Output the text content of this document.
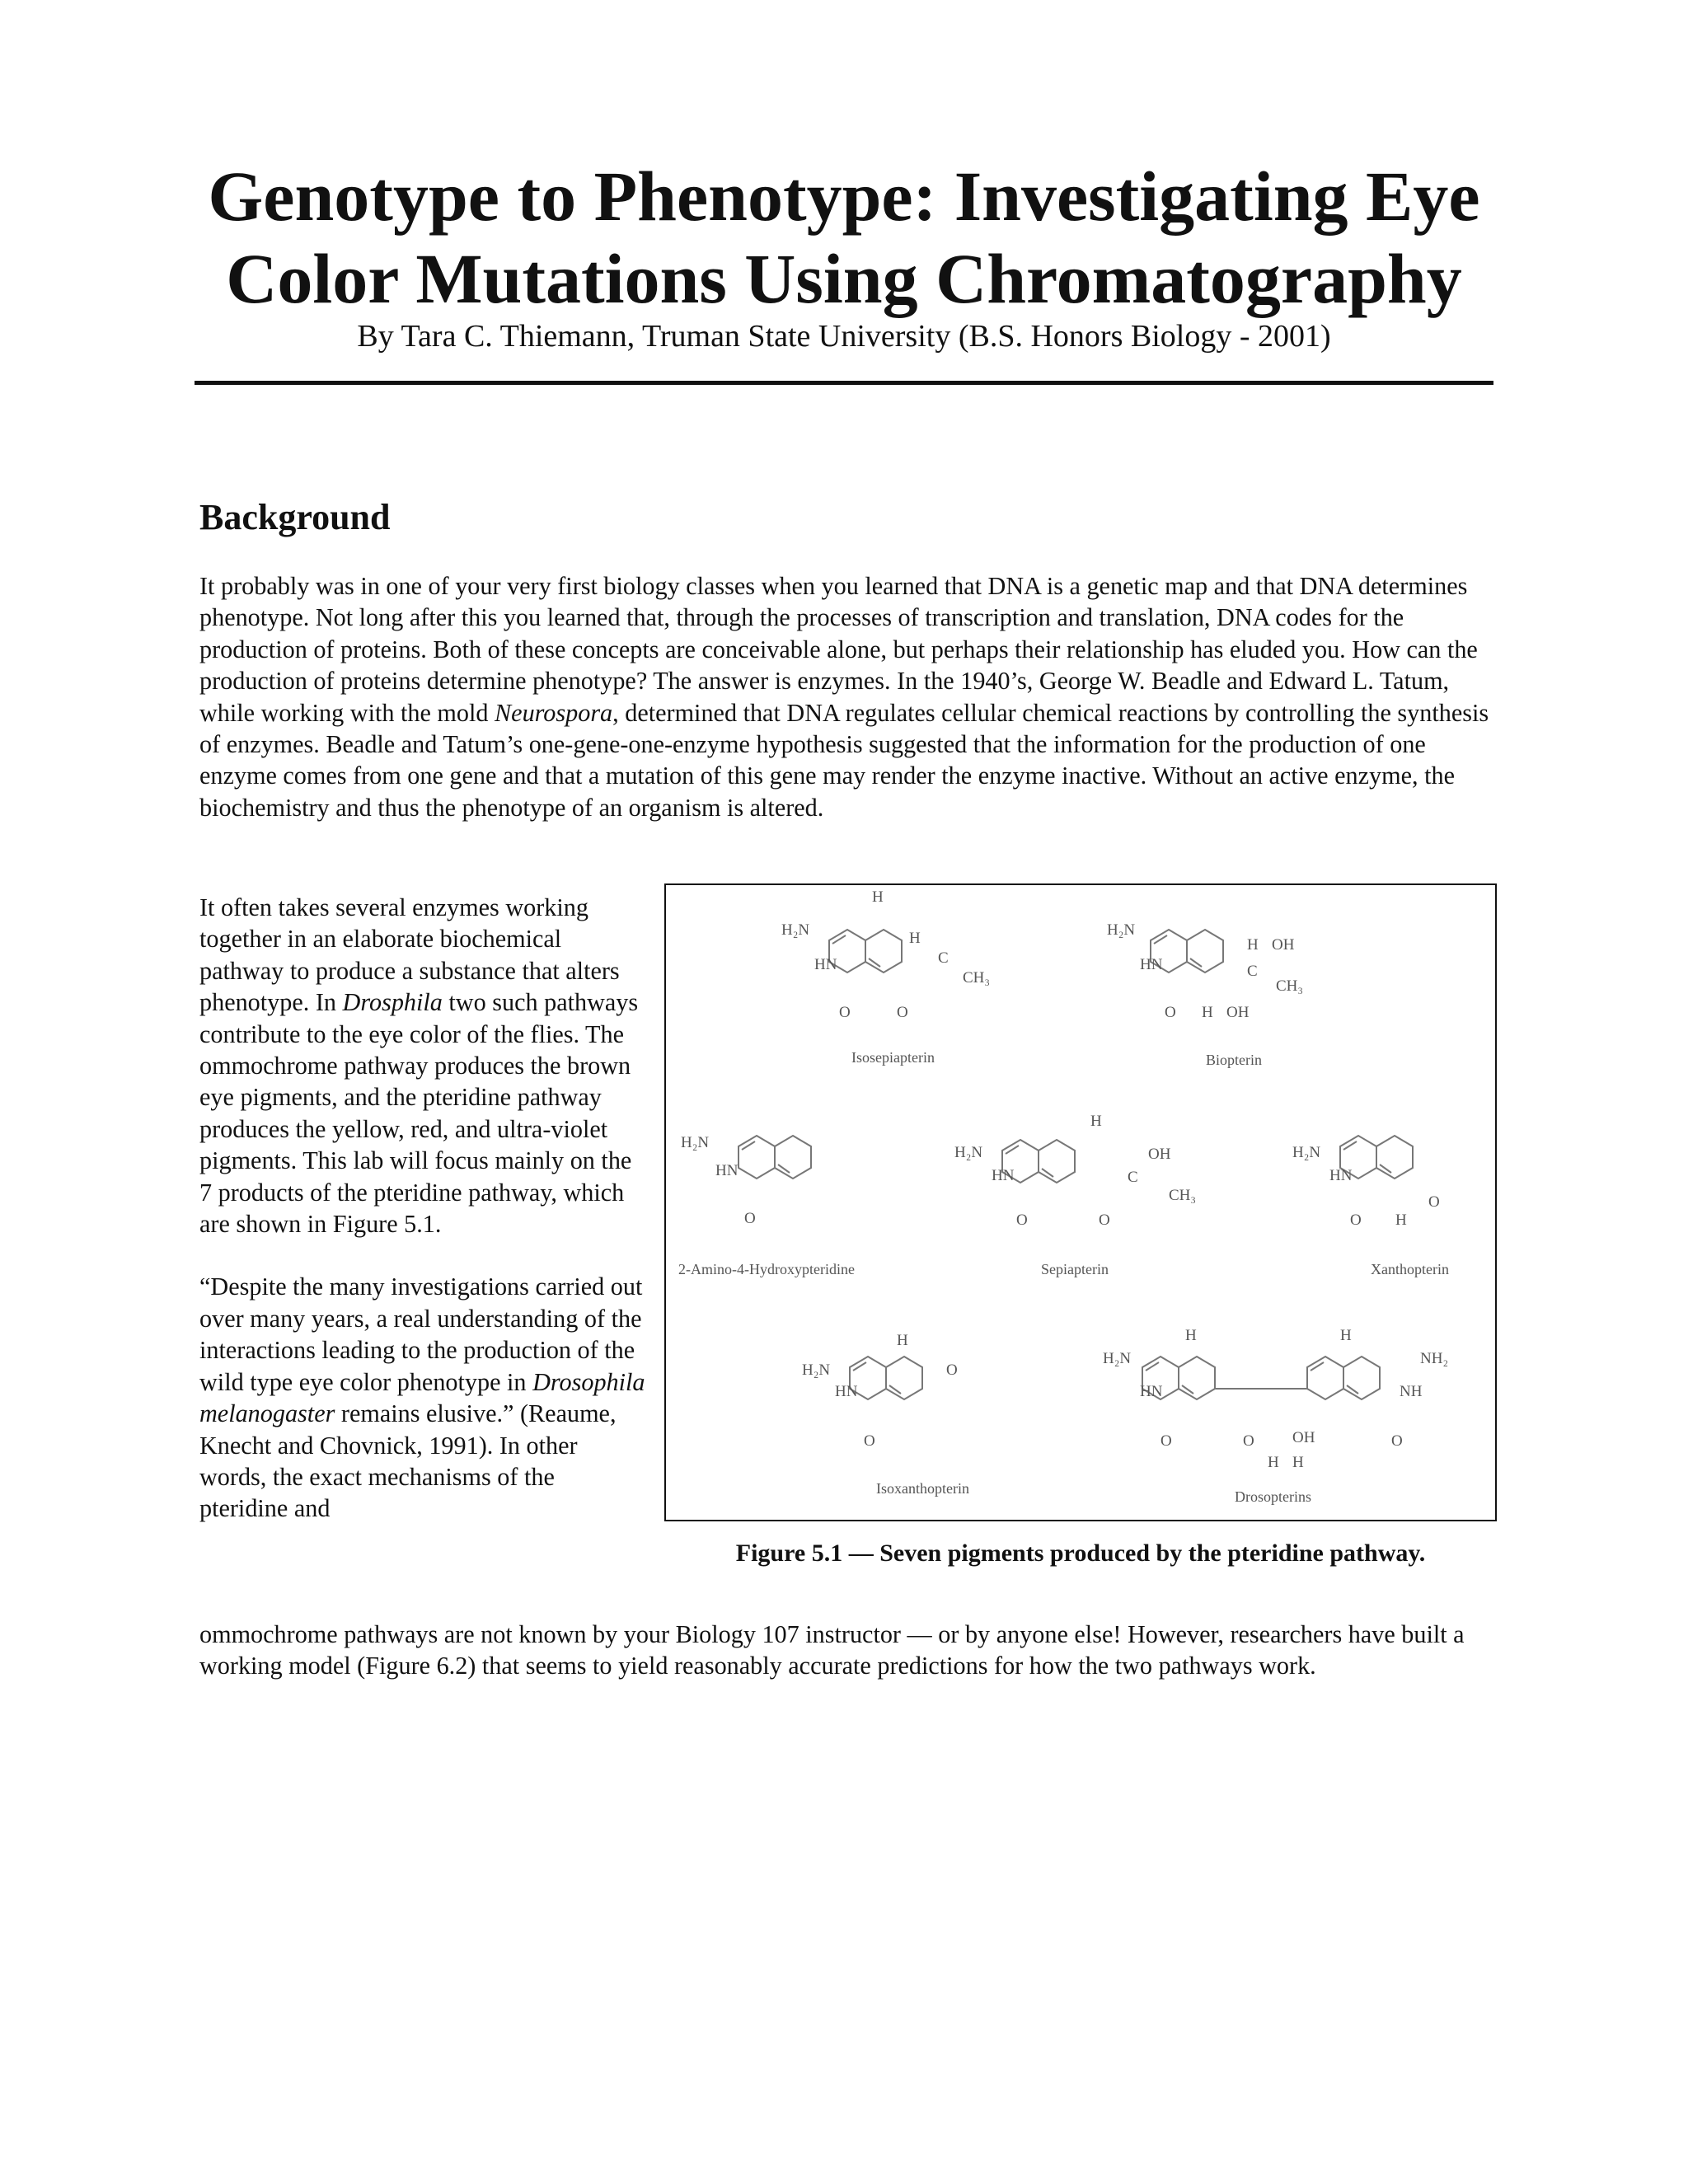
Genotype to Phenotype: Investigating Eye
Color Mutations Using Chromatography
By Tara C. Thiemann, Truman State University (B.S. Honors Biology - 2001)
Background

It probably was in one of your very first biology classes when you learned that DNA is a genetic map and that DNA determines phenotype. Not long after this you learned that, through the processes of transcription and translation, DNA codes for the production of proteins. Both of these concepts are conceivable alone, but perhaps their relationship has eluded you. How can the production of proteins determine phenotype? The answer is enzymes. In the 1940’s, George W. Beadle and Edward L. Tatum, while working with the mold Neurospora, determined that DNA regulates cellular chemical reactions by controlling the synthesis of enzymes. Beadle and Tatum’s one-gene-one-enzyme hypothesis suggested that the information for the production of one enzyme comes from one gene and that a mutation of this gene may render the enzyme inactive. Without an active enzyme, the biochemistry and thus the phenotype of an organism is altered.

It often takes several enzymes working together in an elaborate biochemical pathway to produce a substance that alters phenotype. In Drosphila two such pathways contribute to the eye color of the flies. The ommochrome pathway produces the brown eye pigments, and the pteridine pathway produces the yellow, red, and ultra-violet pigments. This lab will focus mainly on the 7 products of the pteridine pathway, which are shown in Figure 5.1.

“Despite the many investigations carried out over many years, a real understanding of the interactions leading to the production of the wild type eye color phenotype in Drosophila melanogaster remains elusive.” (Reaume, Knecht and Chovnick, 1991). In other words, the exact mechanisms of the pteridine and

ommochrome pathways are not known by your Biology 107 instructor — or by anyone else! However, researchers have built a working model (Figure 6.2) that seems to yield reasonably accurate predictions for how the two pathways work.

H₂N
HN
O
H
H
C
CH₃
O
Isosepiapterin
H₂N
HN
O
H OH
C
CH₃
H OH
Biopterin
H₂N
HN
O
2-Amino-4-Hydroxypteridine
H₂N
HN
O
H
OH
C
CH₃
O
Sepiapterin
H₂N
HN
O
O
H
Xanthopterin
H₂N
HN
O
O
H
Isoxanthopterin
H₂N
HN
O
H	H
NH₂
NH
O
O OH
H H
Drosopterins
Figure 5.1 — Seven pigments produced by the pteridine pathway.
